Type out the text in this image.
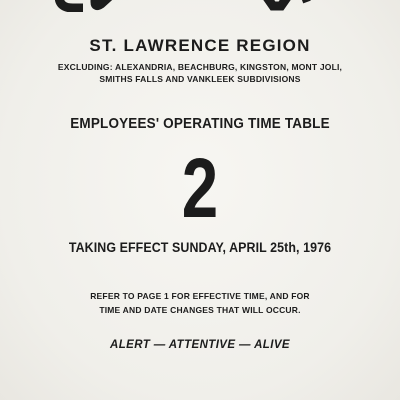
ST. LAWRENCE REGION
EXCLUDING: ALEXANDRIA, BEACHBURG, KINGSTON, MONT JOLI,
SMITHS FALLS AND VANKLEEK SUBDIVISIONS
EMPLOYEES' OPERATING TIME TABLE
2
TAKING EFFECT SUNDAY, APRIL 25th, 1976
REFER TO PAGE 1 FOR EFFECTIVE TIME, AND FOR
TIME AND DATE CHANGES THAT WILL OCCUR.
ALERT — ATTENTIVE — ALIVE
